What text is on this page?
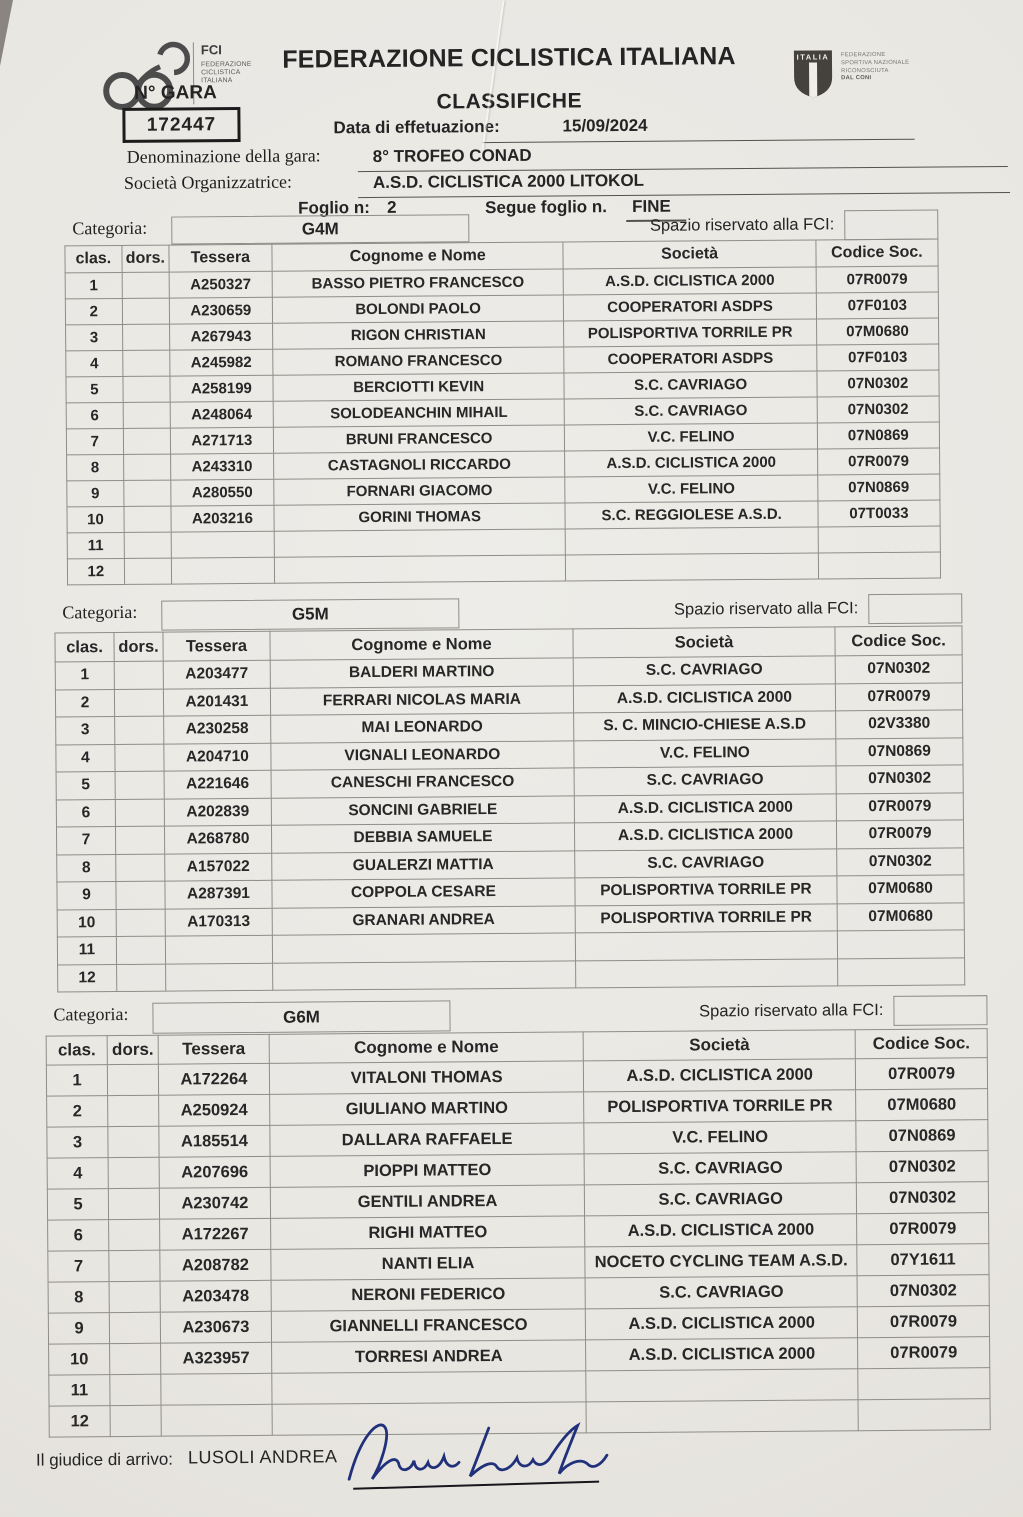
FCI
FEDERAZIONE
CICLISTICA
ITALIANA
N° GARA
172447
FEDERAZIONE CICLISTICA ITALIANA
CLASSIFICHE
ITALIA FEDERAZIONE
SPORTIVA NAZIONALE
RICONOSCIUTA
DAL CONI
Data di effetuazione:	15/09/2024
Denominazione della gara:	8° TROFEO CONAD
Società Organizzatrice:	A.S.D. CICLISTICA 2000 LITOKOL
Foglio n: 2	Segue foglio n. FINE
Categoria:	G4M	Spazio riservato alla FCI:
clas.	dors.	Tessera	Cognome e Nome	Società	Codice Soc.
1		A250327	BASSO PIETRO FRANCESCO	A.S.D. CICLISTICA 2000	07R0079
2		A230659	BOLONDI PAOLO	COOPERATORI ASDPS	07F0103
3		A267943	RIGON CHRISTIAN	POLISPORTIVA TORRILE PR	07M0680
4		A245982	ROMANO FRANCESCO	COOPERATORI ASDPS	07F0103
5		A258199	BERCIOTTI KEVIN	S.C. CAVRIAGO	07N0302
6		A248064	SOLODEANCHIN MIHAIL	S.C. CAVRIAGO	07N0302
7		A271713	BRUNI FRANCESCO	V.C. FELINO	07N0869
8		A243310	CASTAGNOLI RICCARDO	A.S.D. CICLISTICA 2000	07R0079
9		A280550	FORNARI GIACOMO	V.C. FELINO	07N0869
10		A203216	GORINI THOMAS	S.C. REGGIOLESE A.S.D.	07T0033
11					
12					
Categoria:	G5M	Spazio riservato alla FCI:
clas.	dors.	Tessera	Cognome e Nome	Società	Codice Soc.
1		A203477	BALDERI MARTINO	S.C. CAVRIAGO	07N0302
2		A201431	FERRARI NICOLAS MARIA	A.S.D. CICLISTICA 2000	07R0079
3		A230258	MAI LEONARDO	S. C. MINCIO-CHIESE A.S.D	02V3380
4		A204710	VIGNALI LEONARDO	V.C. FELINO	07N0869
5		A221646	CANESCHI FRANCESCO	S.C. CAVRIAGO	07N0302
6		A202839	SONCINI GABRIELE	A.S.D. CICLISTICA 2000	07R0079
7		A268780	DEBBIA SAMUELE	A.S.D. CICLISTICA 2000	07R0079
8		A157022	GUALERZI MATTIA	S.C. CAVRIAGO	07N0302
9		A287391	COPPOLA CESARE	POLISPORTIVA TORRILE PR	07M0680
10		A170313	GRANARI ANDREA	POLISPORTIVA TORRILE PR	07M0680
11					
12					
Categoria:	G6M	Spazio riservato alla FCI:
clas.	dors.	Tessera	Cognome e Nome	Società	Codice Soc.
1		A172264	VITALONI THOMAS	A.S.D. CICLISTICA 2000	07R0079
2		A250924	GIULIANO MARTINO	POLISPORTIVA TORRILE PR	07M0680
3		A185514	DALLARA RAFFAELE	V.C. FELINO	07N0869
4		A207696	PIOPPI MATTEO	S.C. CAVRIAGO	07N0302
5		A230742	GENTILI ANDREA	S.C. CAVRIAGO	07N0302
6		A172267	RIGHI MATTEO	A.S.D. CICLISTICA 2000	07R0079
7		A208782	NANTI ELIA	NOCETO CYCLING TEAM A.S.D.	07Y1611
8		A203478	NERONI FEDERICO	S.C. CAVRIAGO	07N0302
9		A230673	GIANNELLI FRANCESCO	A.S.D. CICLISTICA 2000	07R0079
10		A323957	TORRESI ANDREA	A.S.D. CICLISTICA 2000	07R0079
11					
12					
Il giudice di arrivo: LUSOLI ANDREA
